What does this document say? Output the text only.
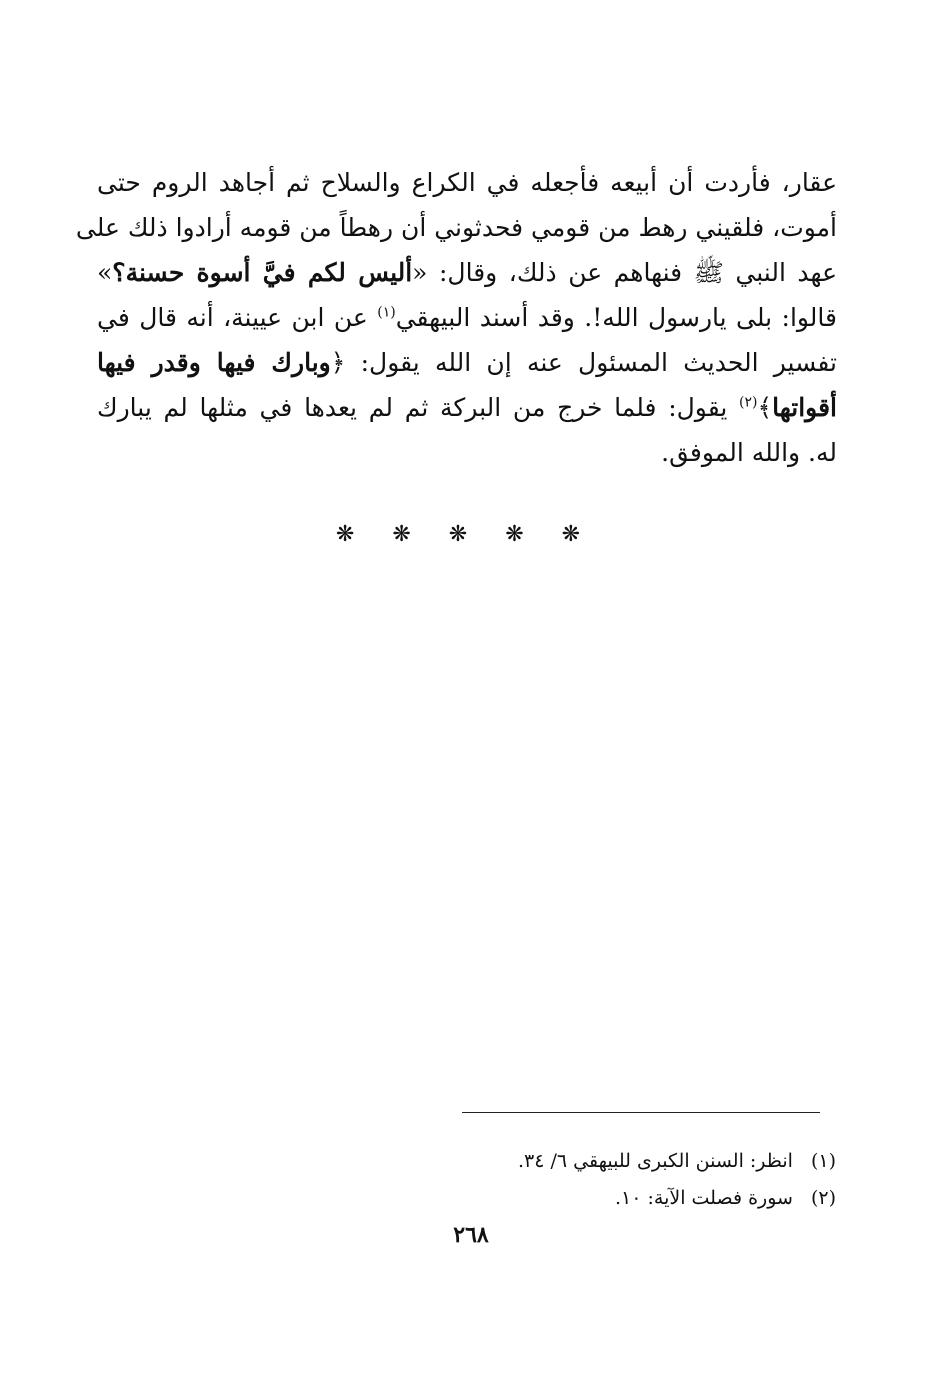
عقار، فأردت أن أبيعه فأجعله في الكراع والسلاح ثم أجاهد الروم حتى
أموت، فلقيني رهط من قومي فحدثوني أن رهطاً من قومه أرادوا ذلك على
عهد النبي ﷺ فنهاهم عن ذلك، وقال: «أليس لكم فيَّ أسوة حسنة؟»
قالوا: بلى يارسول الله!. وقد أسند البيهقي$^{(١)}$ عن ابن عيينة، أنه قال في
تفسير الحديث المسئول عنه إن الله يقول: ﴿وبارك فيها وقدر فيها
أقواتها﴾$^{(٢)}$ يقول: فلما خرج من البركة ثم لم يعدها في مثلها لم يبارك
له. والله الموفق.
❋❋❋❋❋
(١)انظر: السنن الكبرى للبيهقي ٦/ ٣٤.
(٢)سورة فصلت الآية: ١٠.
٢٦٨
